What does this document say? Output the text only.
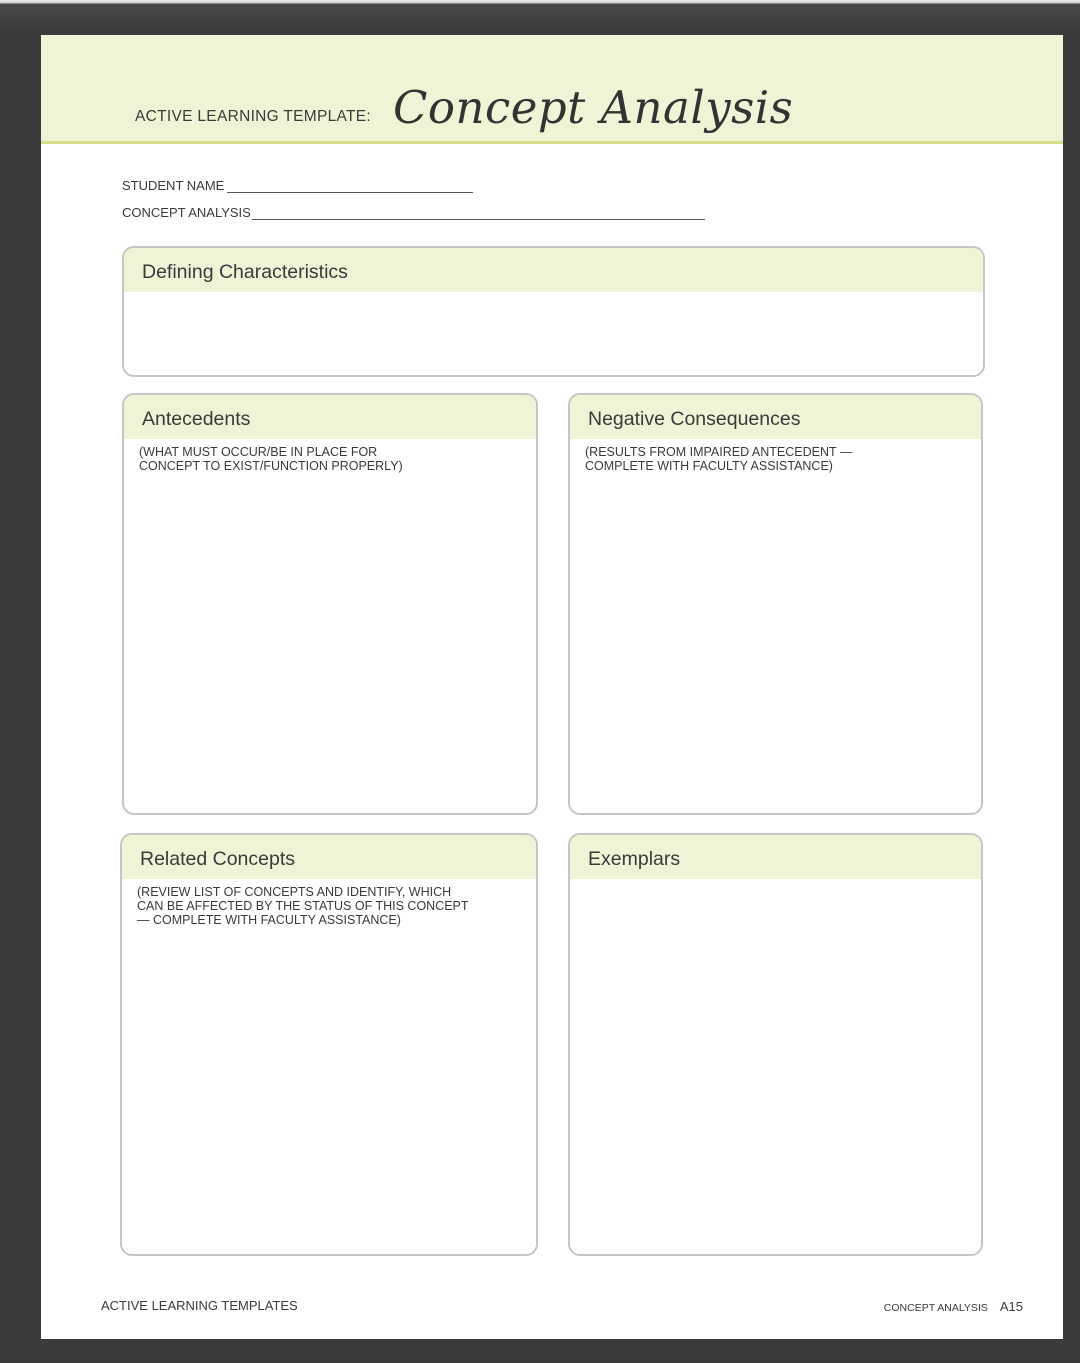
ACTIVE LEARNING TEMPLATE: Concept Analysis
STUDENT NAME
CONCEPT ANALYSIS
Defining Characteristics
Antecedents
(WHAT MUST OCCUR/BE IN PLACE FOR
CONCEPT TO EXIST/FUNCTION PROPERLY)
Negative Consequences
(RESULTS FROM IMPAIRED ANTECEDENT —
COMPLETE WITH FACULTY ASSISTANCE)
Related Concepts
(REVIEW LIST OF CONCEPTS AND IDENTIFY, WHICH
CAN BE AFFECTED BY THE STATUS OF THIS CONCEPT
— COMPLETE WITH FACULTY ASSISTANCE)
Exemplars
ACTIVE LEARNING TEMPLATES	CONCEPT ANALYSIS A15
